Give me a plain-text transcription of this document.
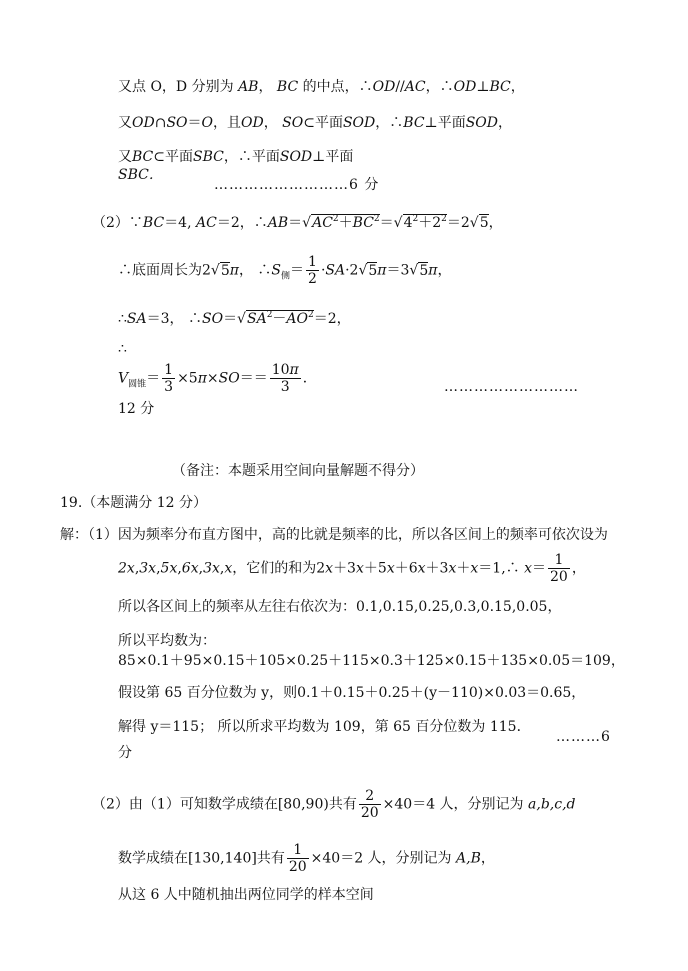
又点 O，D 分别为 AB， BC 的中点，∴OD//AC，∴OD⊥BC，
又OD∩SO＝O，且OD， SO⊂平面SOD，∴BC⊥平面SOD，
又BC⊂平面SBC，∴平面SOD⊥平面
SBC．
………………………6 分
（2）∵BC＝4, AC＝2，$\therefore AB=√AC^2+BC^2=√4^2+2^2=2√5$，
∴底面周长为2√5π， $\therefore S_侧= \frac{1}{2} \cdot SA\cdot 2√5\pi=3√5\pi$，
∴SA＝3， $\therefore SO=√SA^2-AO^2=2$，
∴
$V_{圆锥}= \frac{1}{3} \times 5\pi\times SO== \frac{10\pi}{3}$ ．
………………………
12 分
（备注：本题采用空间向量解题不得分）
19.（本题满分 12 分）
解：（1）因为频率分布直方图中，高的比就是频率的比，所以各区间上的频率可依次设为
2x,3x,5x,6x,3x,x，它们的和为2x＋3x＋5x＋6x＋3x＋x＝1,∴ $x= \frac{1}{20}$ ，
所以各区间上的频率从左往右依次为：0.1,0.15,0.25,0.3,0.15,0.05，
所以平均数为：
85×0.1＋95×0.15＋105×0.25＋115×0.3＋125×0.15＋135×0.05＝109，
假设第 65 百分位数为 y，则0.1＋0.15＋0.25＋(y－110)×0.03＝0.65，
解得 y＝115； 所以所求平均数为 109，第 65 百分位数为 115．
………6
分
（2）由（1）可知数学成绩在[80,90)共有 $\frac{2}{20} \times 40=4$ 人，分别记为 a,b,c,d
数学成绩在[130,140]共有 $\frac{1}{20} \times 40=2$ 人，分别记为 A,B，
从这 6 人中随机抽出两位同学的样本空间
